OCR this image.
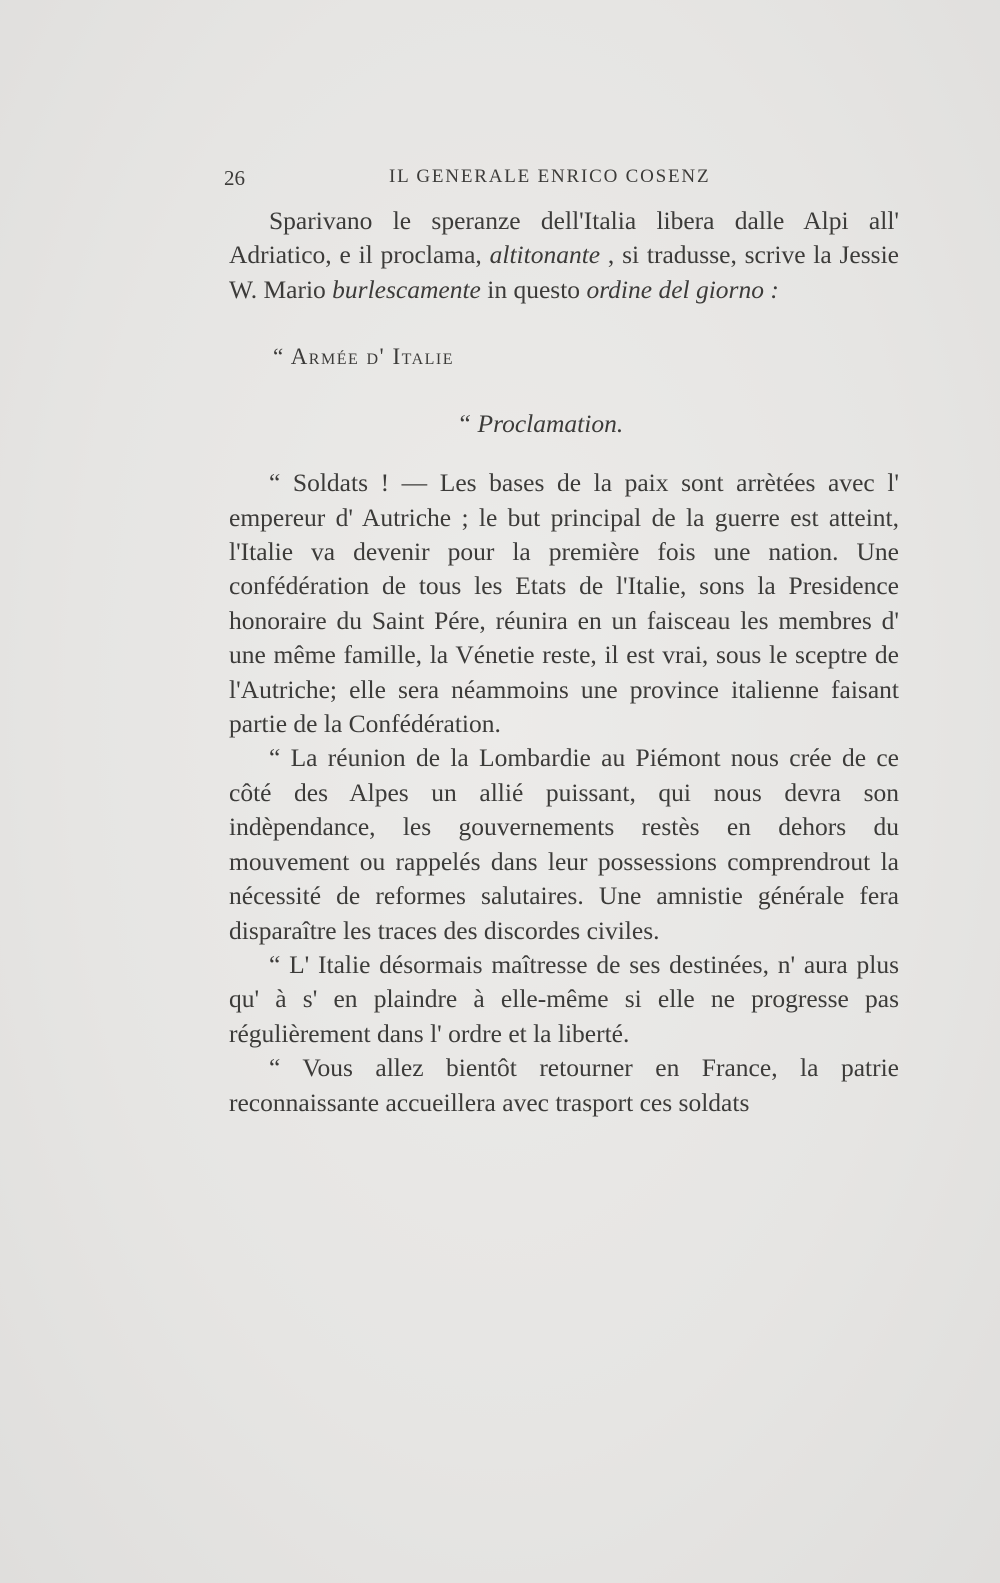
26	IL GENERALE ENRICO COSENZ

Sparivano le speranze dell'Italia libera dalle Alpi all' Adriatico, e il proclama, altitonante , si tradusse, scrive la Jessie W. Mario burlescamente in questo ordine del giorno :

“ Armée d' Italie
“ Proclamation.

“ Soldats ! — Les bases de la paix sont arrètées avec l' empereur d' Autriche ; le but principal de la guerre est atteint, l'Italie va devenir pour la première fois une nation. Une confédération de tous les Etats de l'Italie, sons la Presidence honoraire du Saint Pére, réunira en un faisceau les membres d' une même famille, la Vénetie reste, il est vrai, sous le sceptre de l'Autriche; elle sera néammoins une province italienne faisant partie de la Confédération.

“ La réunion de la Lombardie au Piémont nous crée de ce côté des Alpes un allié puissant, qui nous devra son indèpendance, les gouvernements restès en dehors du mouvement ou rappelés dans leur possessions comprendrout la nécessité de reformes salutaires. Une amnistie générale fera disparaître les traces des discordes civiles.

“ L' Italie désormais maîtresse de ses destinées, n' aura plus qu' à s' en plaindre à elle-même si elle ne progresse pas régulièrement dans l' ordre et la liberté.

“ Vous allez bientôt retourner en France, la patrie reconnaissante accueillera avec trasport ces soldats
